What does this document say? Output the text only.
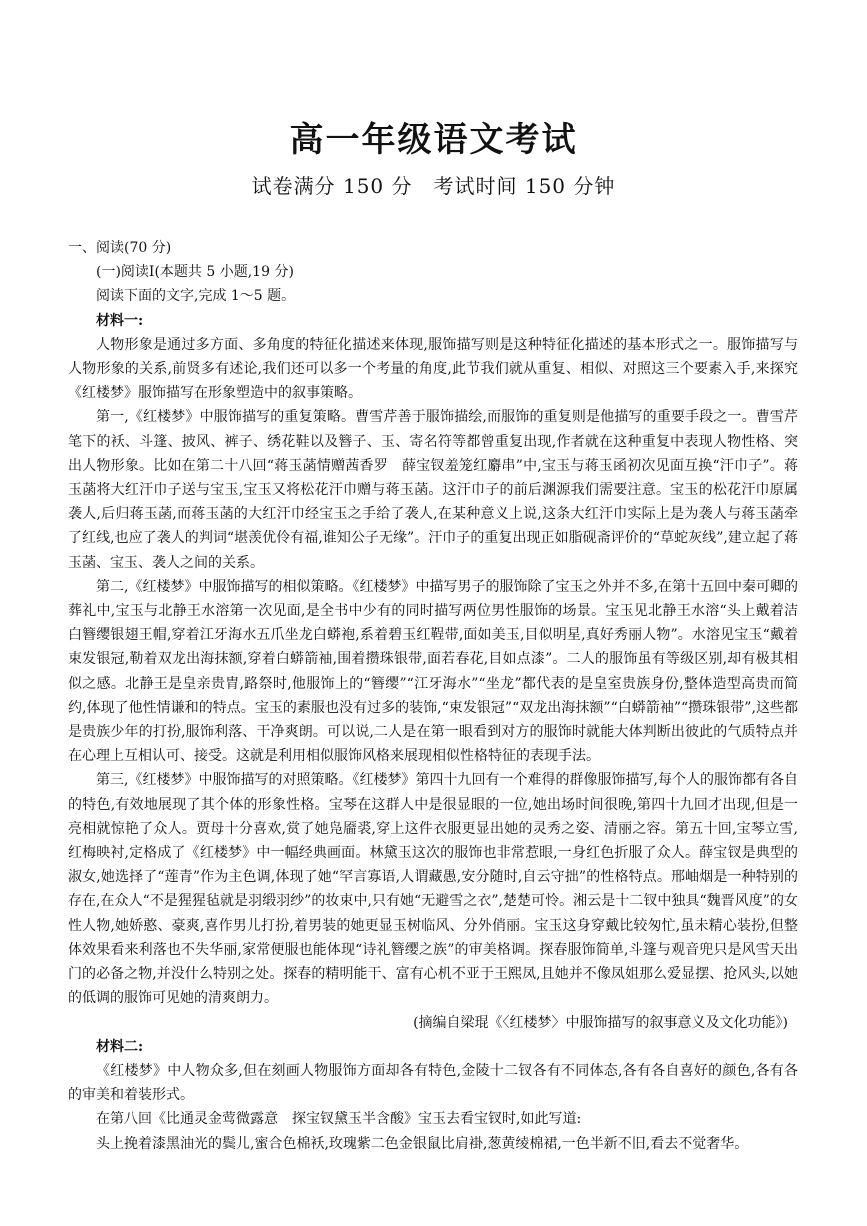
高一年级语文考试
试卷满分 150 分　考试时间 150 分钟
一、阅读(70 分)
(一)阅读Ⅰ(本题共 5 小题,19 分)
阅读下面的文字,完成 1～5 题。
材料一:
人物形象是通过多方面、多角度的特征化描述来体现,服饰描写则是这种特征化描述的基本形式之一。服饰描写与人物形象的关系,前贤多有述论,我们还可以多一个考量的角度,此节我们就从重复、相似、对照这三个要素入手,来探究《红楼梦》服饰描写在形象塑造中的叙事策略。
第一,《红楼梦》中服饰描写的重复策略。曹雪芹善于服饰描绘,而服饰的重复则是他描写的重要手段之一。曹雪芹笔下的袄、斗篷、披风、裤子、绣花鞋以及簪子、玉、寄名符等都曾重复出现,作者就在这种重复中表现人物性格、突出人物形象。比如在第二十八回“蒋玉菡情赠茜香罗　薛宝钗羞笼红麝串”中,宝玉与蒋玉函初次见面互换“汗巾子”。蒋玉菡将大红汗巾子送与宝玉,宝玉又将松花汗巾赠与蒋玉菡。这汗巾子的前后渊源我们需要注意。宝玉的松花汗巾原属袭人,后归蒋玉菡,而蒋玉菡的大红汗巾经宝玉之手给了袭人,在某种意义上说,这条大红汗巾实际上是为袭人与蒋玉菡牵了红线,也应了袭人的判词“堪羡优伶有福,谁知公子无缘”。汗巾子的重复出现正如脂砚斋评价的“草蛇灰线”,建立起了蒋玉菡、宝玉、袭人之间的关系。
第二,《红楼梦》中服饰描写的相似策略。《红楼梦》中描写男子的服饰除了宝玉之外并不多,在第十五回中秦可卿的葬礼中,宝玉与北静王水溶第一次见面,是全书中少有的同时描写两位男性服饰的场景。宝玉见北静王水溶“头上戴着洁白簪缨银翅王帽,穿着江牙海水五爪坐龙白蟒袍,系着碧玉红鞓带,面如美玉,目似明星,真好秀丽人物”。水溶见宝玉“戴着束发银冠,勒着双龙出海抹额,穿着白蟒箭袖,围着攒珠银带,面若春花,目如点漆”。二人的服饰虽有等级区别,却有极其相似之感。北静王是皇亲贵胄,路祭时,他服饰上的“簪缨”“江牙海水”“坐龙”都代表的是皇室贵族身份,整体造型高贵而简约,体现了他性情谦和的特点。宝玉的素服也没有过多的装饰,“束发银冠”“双龙出海抹额”“白蟒箭袖”“攒珠银带”,这些都是贵族少年的打扮,服饰利落、干净爽朗。可以说,二人是在第一眼看到对方的服饰时就能大体判断出彼此的气质特点并在心理上互相认可、接受。这就是利用相似服饰风格来展现相似性格特征的表现手法。
第三,《红楼梦》中服饰描写的对照策略。《红楼梦》第四十九回有一个难得的群像服饰描写,每个人的服饰都有各自的特色,有效地展现了其个体的形象性格。宝琴在这群人中是很显眼的一位,她出场时间很晚,第四十九回才出现,但是一亮相就惊艳了众人。贾母十分喜欢,赏了她凫靥裘,穿上这件衣服更显出她的灵秀之姿、清丽之容。第五十回,宝琴立雪,红梅映衬,定格成了《红楼梦》中一幅经典画面。林黛玉这次的服饰也非常惹眼,一身红色折服了众人。薛宝钗是典型的淑女,她选择了“莲青”作为主色调,体现了她“罕言寡语,人谓藏愚,安分随时,自云守拙”的性格特点。邢岫烟是一种特别的存在,在众人“不是猩猩毡就是羽缎羽纱”的妆束中,只有她“无避雪之衣”,楚楚可怜。湘云是十二钗中独具“魏晋风度”的女性人物,她娇憨、豪爽,喜作男儿打扮,着男装的她更显玉树临风、分外俏丽。宝玉这身穿戴比较匆忙,虽未精心装扮,但整体效果看来利落也不失华丽,家常便服也能体现“诗礼簪缨之族”的审美格调。探春服饰简单,斗篷与观音兜只是风雪天出门的必备之物,并没什么特别之处。探春的精明能干、富有心机不亚于王熙凤,且她并不像凤姐那么爱显摆、抢风头,以她的低调的服饰可见她的清爽朗力。
(摘编自梁琨《〈红楼梦〉中服饰描写的叙事意义及文化功能》)
材料二:
《红楼梦》中人物众多,但在刻画人物服饰方面却各有特色,金陵十二钗各有不同体态,各有各自喜好的颜色,各有各的审美和着装形式。
在第八回《比通灵金莺微露意　探宝钗黛玉半含酸》宝玉去看宝钗时,如此写道:
头上挽着漆黑油光的鬓儿,蜜合色棉袄,玫瑰紫二色金银鼠比肩褂,葱黄绫棉裙,一色半新不旧,看去不觉奢华。
